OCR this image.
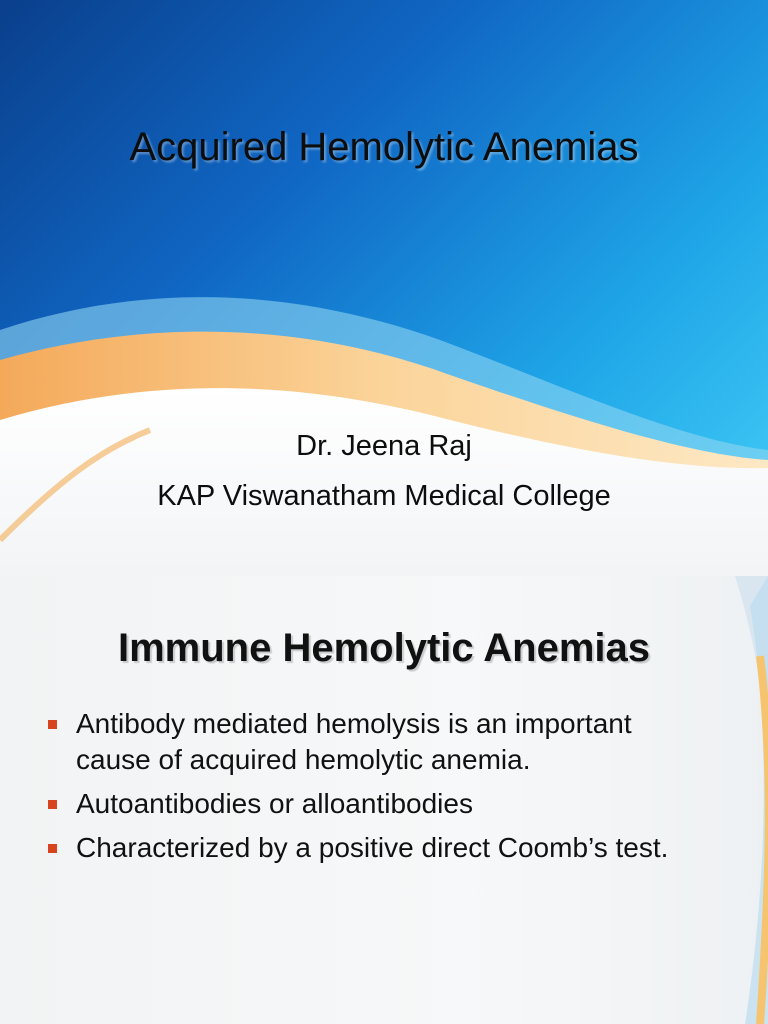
Acquired Hemolytic Anemias

Dr. Jeena Raj

KAP Viswanatham Medical College

Immune Hemolytic Anemias
Antibody mediated hemolysis is an important
cause of acquired hemolytic anemia.
Autoantibodies or alloantibodies
Characterized by a positive direct Coomb’s test.
